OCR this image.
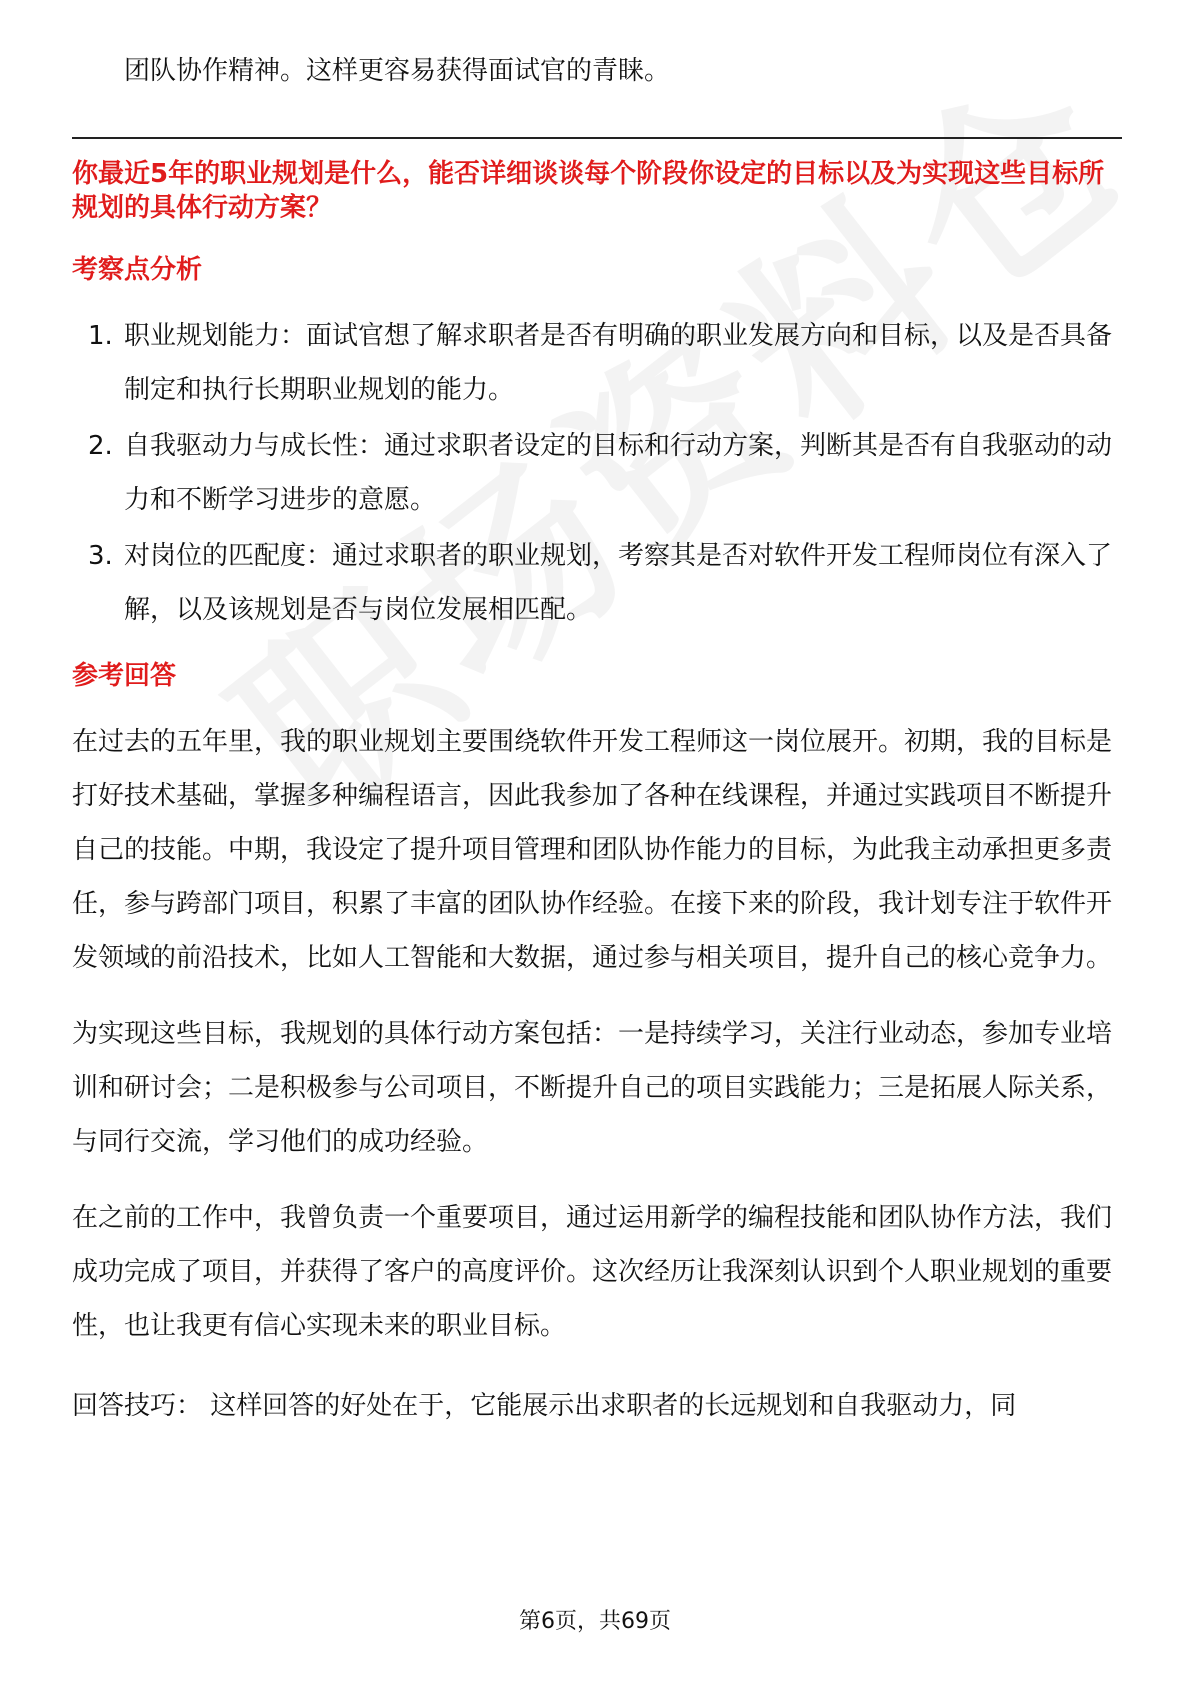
团队协作精神。这样更容易获得面试官的青睐。
你最近5年的职业规划是什么，能否详细谈谈每个阶段你设定的目标以及为实现这些目标所规划的具体行动方案？
考察点分析
1. 职业规划能力：面试官想了解求职者是否有明确的职业发展方向和目标，以及是否具备制定和执行长期职业规划的能力。
2. 自我驱动力与成长性：通过求职者设定的目标和行动方案，判断其是否有自我驱动的动力和不断学习进步的意愿。
3. 对岗位的匹配度：通过求职者的职业规划，考察其是否对软件开发工程师岗位有深入了解，以及该规划是否与岗位发展相匹配。
参考回答

在过去的五年里，我的职业规划主要围绕软件开发工程师这一岗位展开。初期，我的目标是打好技术基础，掌握多种编程语言，因此我参加了各种在线课程，并通过实践项目不断提升自己的技能。中期，我设定了提升项目管理和团队协作能力的目标，为此我主动承担更多责任，参与跨部门项目，积累了丰富的团队协作经验。在接下来的阶段，我计划专注于软件开发领域的前沿技术，比如人工智能和大数据，通过参与相关项目，提升自己的核心竞争力。

为实现这些目标，我规划的具体行动方案包括：一是持续学习，关注行业动态，参加专业培训和研讨会；二是积极参与公司项目，不断提升自己的项目实践能力；三是拓展人际关系，与同行交流，学习他们的成功经验。

在之前的工作中，我曾负责一个重要项目，通过运用新学的编程技能和团队协作方法，我们成功完成了项目，并获得了客户的高度评价。这次经历让我深刻认识到个人职业规划的重要性，也让我更有信心实现未来的职业目标。

回答技巧： 这样回答的好处在于，它能展示出求职者的长远规划和自我驱动力，同
第6页，共69页
